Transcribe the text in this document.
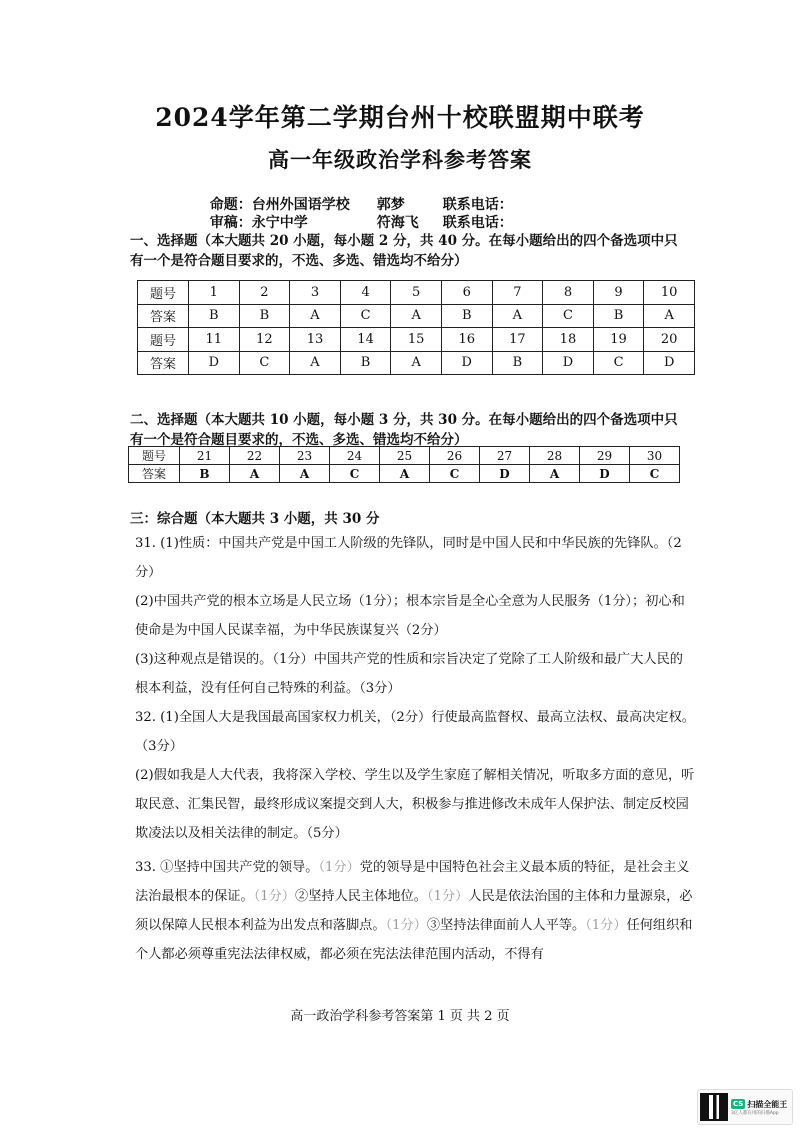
2024学年第二学期台州十校联盟期中联考
高一年级政治学科参考答案

命题：台州外国语学校 郭梦	联系电话：

审稿：永宁中学	符海飞 联系电话：

一、选择题（本大题共 20 小题，每小题 2 分，共 40 分。在每小题给出的四个备选项中只有一个是符合题目要求的，不选、多选、错选均不给分）
题号	1	2	3	4	5	6	7	8	9	10
答案	B	B	A	C	A	B	A	C	B	A
题号	11	12	13	14	15	16	17	18	19	20
答案	D	C	A	B	A	D	B	D	C	D
二、选择题（本大题共 10 小题，每小题 3 分，共 30 分。在每小题给出的四个备选项中只有一个是符合题目要求的，不选、多选、错选均不给分）
题号	21	22	23	24	25	26	27	28	29	30
答案	B	A	A	C	A	C	D	A	D	C
三：综合题（本大题共 3 小题，共 30 分
31. (1)性质：中国共产党是中国工人阶级的先锋队，同时是中国人民和中华民族的先锋队。（2分）
(2)中国共产党的根本立场是人民立场（1分）；根本宗旨是全心全意为人民服务（1分）；初心和使命是为中国人民谋幸福，为中华民族谋复兴（2分）
(3)这种观点是错误的。（1分）中国共产党的性质和宗旨决定了党除了工人阶级和最广大人民的根本利益，没有任何自己特殊的利益。（3分）
32. (1)全国人大是我国最高国家权力机关，（2分）行使最高监督权、最高立法权、最高决定权。（3分）
(2)假如我是人大代表，我将深入学校、学生以及学生家庭了解相关情况，听取多方面的意见，听取民意、汇集民智，最终形成议案提交到人大，积极参与推进修改未成年人保护法、制定反校园欺凌法以及相关法律的制定。（5分）
33. ①坚持中国共产党的领导。（1分）党的领导是中国特色社会主义最本质的特征，是社会主义法治最根本的保证。（1分）②坚持人民主体地位。（1分）人民是依法治国的主体和力量源泉，必须以保障人民根本利益为出发点和落脚点。（1分）③坚持法律面前人人平等。（1分）任何组织和个人都必须尊重宪法法律权威，都必须在宪法法律范围内活动，不得有
高一政治学科参考答案第 1 页 共 2 页
CS 扫描全能王
3亿人都在用的扫描App
